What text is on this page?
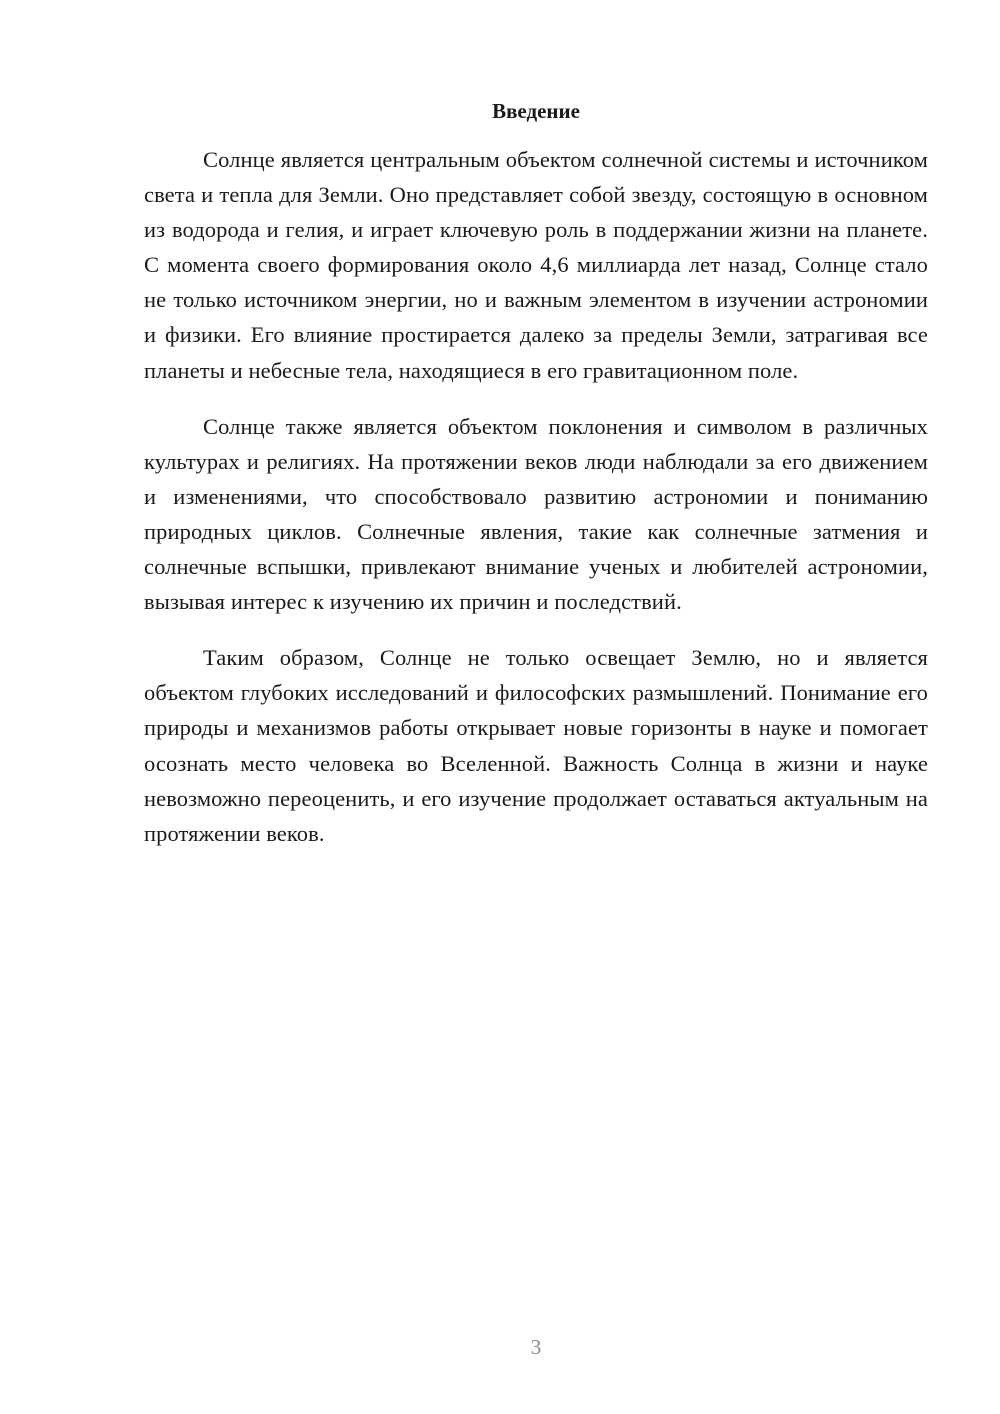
Введение

Солнце является центральным объектом солнечной системы и источником света и тепла для Земли. Оно представляет собой звезду, состоящую в основном из водорода и гелия, и играет ключевую роль в поддержании жизни на планете. С момента своего формирования около 4,6 миллиарда лет назад, Солнце стало не только источником энергии, но и важным элементом в изучении астрономии и физики. Его влияние простирается далеко за пределы Земли, затрагивая все планеты и небесные тела, находящиеся в его гравитационном поле.

Солнце также является объектом поклонения и символом в различных культурах и религиях. На протяжении веков люди наблюдали за его движением и изменениями, что способствовало развитию астрономии и пониманию природных циклов. Солнечные явления, такие как солнечные затмения и солнечные вспышки, привлекают внимание ученых и любителей астрономии, вызывая интерес к изучению их причин и последствий.

Таким образом, Солнце не только освещает Землю, но и является объектом глубоких исследований и философских размышлений. Понимание его природы и механизмов работы открывает новые горизонты в науке и помогает осознать место человека во Вселенной. Важность Солнца в жизни и науке невозможно переоценить, и его изучение продолжает оставаться актуальным на протяжении веков.

3
